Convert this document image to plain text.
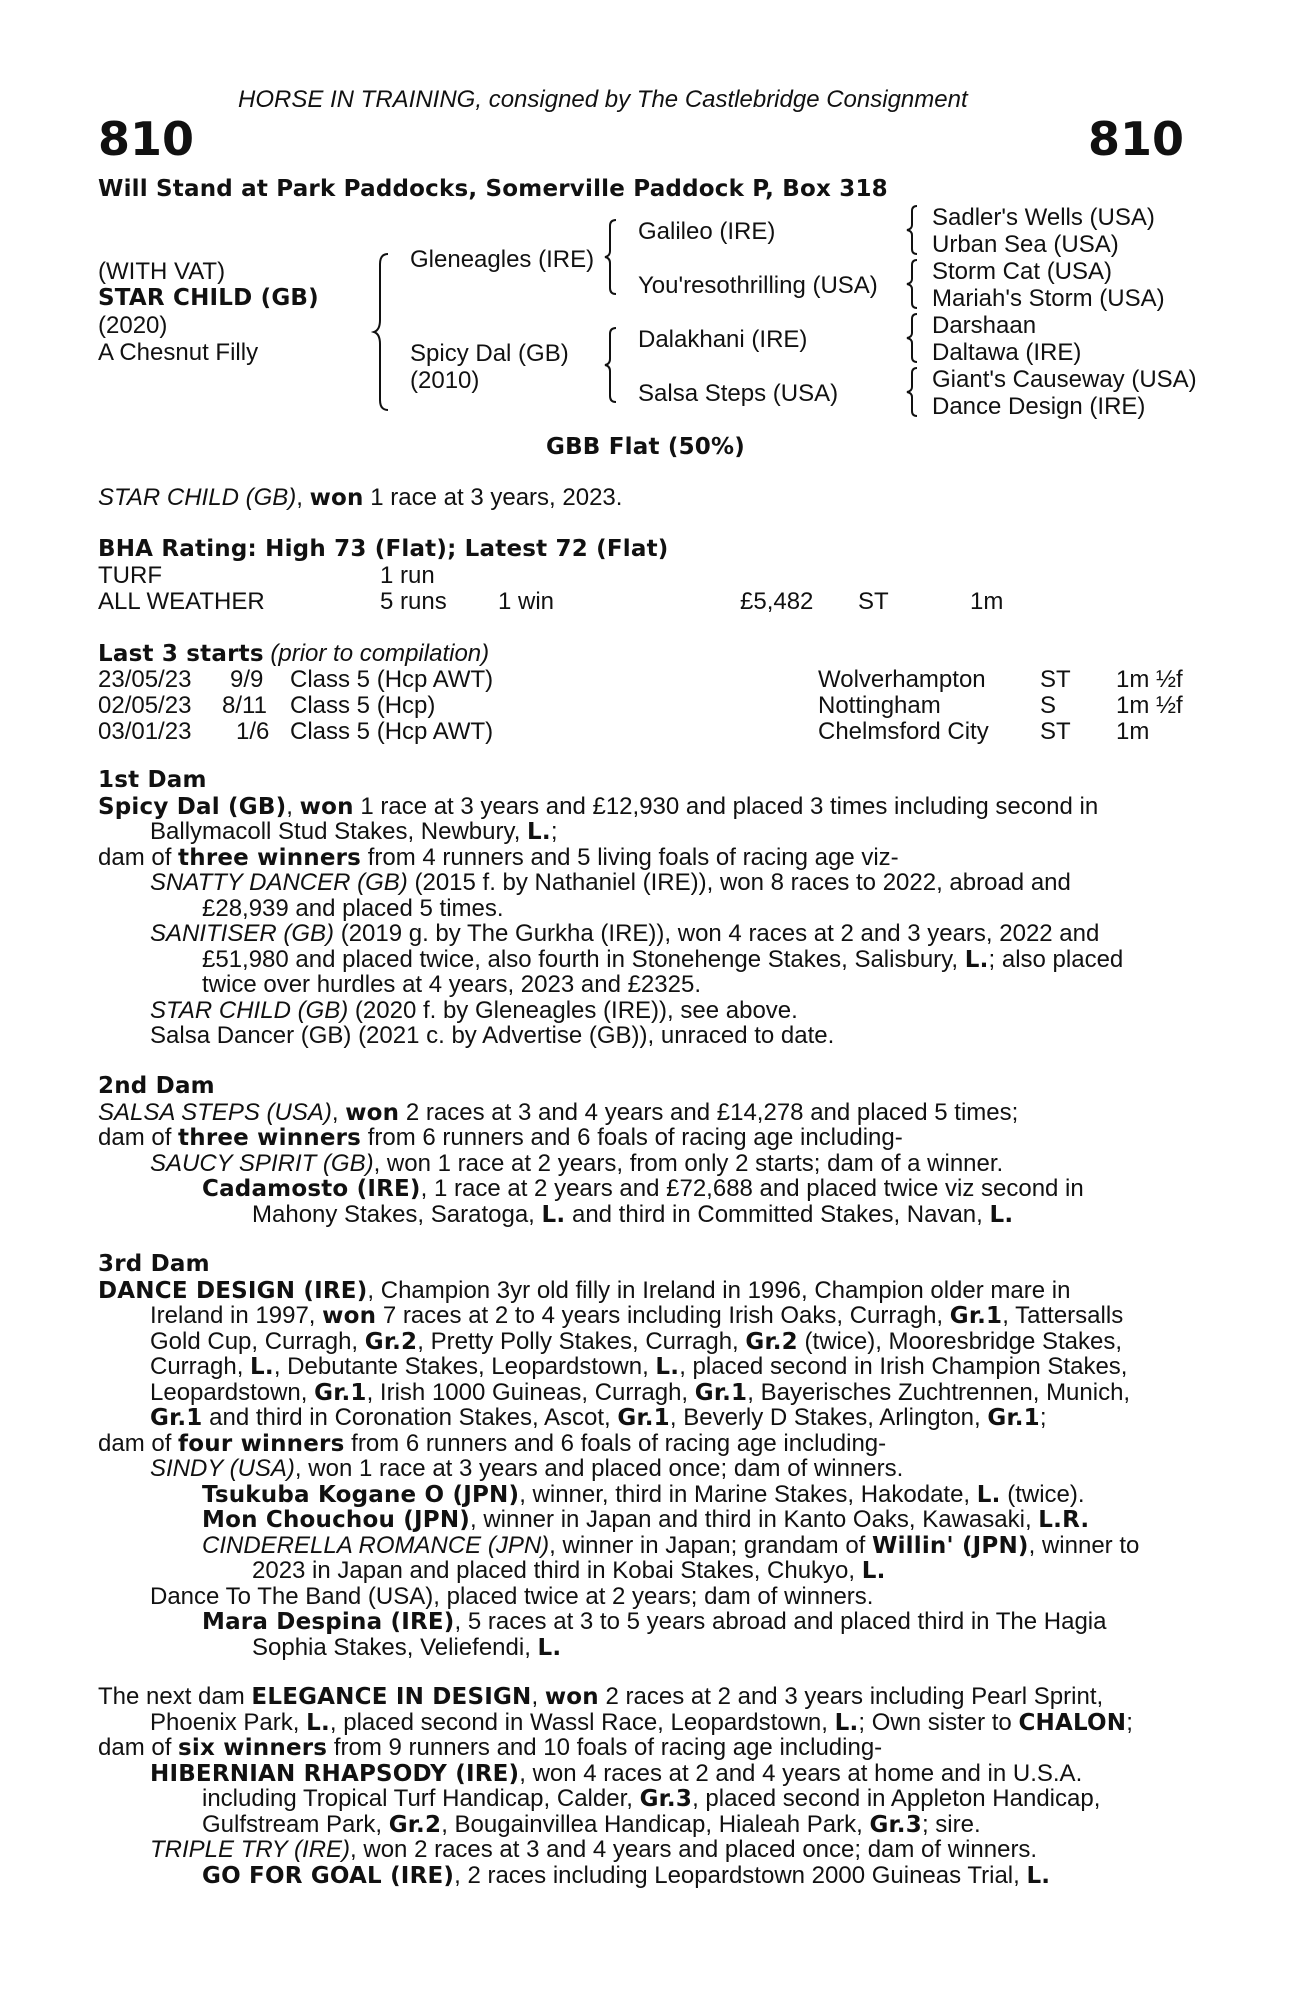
HORSE IN TRAINING, consigned by The Castlebridge Consignment
810	810
Will Stand at Park Paddocks, Somerville Paddock P, Box 318
(WITH VAT)
STAR CHILD (GB)
(2020)
A Chesnut Filly
Gleneagles (IRE)
Spicy Dal (GB)
(2010)
Galileo (IRE)
You'resothrilling (USA)
Dalakhani (IRE)
Salsa Steps (USA)
Sadler's Wells (USA)
Urban Sea (USA)
Storm Cat (USA)
Mariah's Storm (USA)
Darshaan
Daltawa (IRE)
Giant's Causeway (USA)
Dance Design (IRE)
GBB Flat (50%)
STAR CHILD (GB), won 1 race at 3 years, 2023.
BHA Rating: High 73 (Flat); Latest 72 (Flat)
TURF	1 run
ALL WEATHER	5 runs 1 win	£5,482 ST	1m
Last 3 starts (prior to compilation)
23/05/23 9/9 Class 5 (Hcp AWT)	Wolverhampton ST 1m ½f
02/05/23 8/11 Class 5 (Hcp)	Nottingham	S 1m ½f
03/01/23 1/6 Class 5 (Hcp AWT)	Chelmsford City ST 1m
1st Dam
Spicy Dal (GB), won 1 race at 3 years and £12,930 and placed 3 times including second in
Ballymacoll Stud Stakes, Newbury, L.;
dam of three winners from 4 runners and 5 living foals of racing age viz-
SNATTY DANCER (GB) (2015 f. by Nathaniel (IRE)), won 8 races to 2022, abroad and
£28,939 and placed 5 times.
SANITISER (GB) (2019 g. by The Gurkha (IRE)), won 4 races at 2 and 3 years, 2022 and
£51,980 and placed twice, also fourth in Stonehenge Stakes, Salisbury, L.; also placed
twice over hurdles at 4 years, 2023 and £2325.
STAR CHILD (GB) (2020 f. by Gleneagles (IRE)), see above.
Salsa Dancer (GB) (2021 c. by Advertise (GB)), unraced to date.
2nd Dam
SALSA STEPS (USA), won 2 races at 3 and 4 years and £14,278 and placed 5 times;
dam of three winners from 6 runners and 6 foals of racing age including-
SAUCY SPIRIT (GB), won 1 race at 2 years, from only 2 starts; dam of a winner.
Cadamosto (IRE), 1 race at 2 years and £72,688 and placed twice viz second in
Mahony Stakes, Saratoga, L. and third in Committed Stakes, Navan, L.
3rd Dam
DANCE DESIGN (IRE), Champion 3yr old filly in Ireland in 1996, Champion older mare in
Ireland in 1997, won 7 races at 2 to 4 years including Irish Oaks, Curragh, Gr.1, Tattersalls
Gold Cup, Curragh, Gr.2, Pretty Polly Stakes, Curragh, Gr.2 (twice), Mooresbridge Stakes,
Curragh, L., Debutante Stakes, Leopardstown, L., placed second in Irish Champion Stakes,
Leopardstown, Gr.1, Irish 1000 Guineas, Curragh, Gr.1, Bayerisches Zuchtrennen, Munich,
Gr.1 and third in Coronation Stakes, Ascot, Gr.1, Beverly D Stakes, Arlington, Gr.1;
dam of four winners from 6 runners and 6 foals of racing age including-
SINDY (USA), won 1 race at 3 years and placed once; dam of winners.
Tsukuba Kogane O (JPN), winner, third in Marine Stakes, Hakodate, L. (twice).
Mon Chouchou (JPN), winner in Japan and third in Kanto Oaks, Kawasaki, L.R.
CINDERELLA ROMANCE (JPN), winner in Japan; grandam of Willin' (JPN), winner to
2023 in Japan and placed third in Kobai Stakes, Chukyo, L.
Dance To The Band (USA), placed twice at 2 years; dam of winners.
Mara Despina (IRE), 5 races at 3 to 5 years abroad and placed third in The Hagia
Sophia Stakes, Veliefendi, L.
The next dam ELEGANCE IN DESIGN, won 2 races at 2 and 3 years including Pearl Sprint,
Phoenix Park, L., placed second in Wassl Race, Leopardstown, L.; Own sister to CHALON;
dam of six winners from 9 runners and 10 foals of racing age including-
HIBERNIAN RHAPSODY (IRE), won 4 races at 2 and 4 years at home and in U.S.A.
including Tropical Turf Handicap, Calder, Gr.3, placed second in Appleton Handicap,
Gulfstream Park, Gr.2, Bougainvillea Handicap, Hialeah Park, Gr.3; sire.
TRIPLE TRY (IRE), won 2 races at 3 and 4 years and placed once; dam of winners.
GO FOR GOAL (IRE), 2 races including Leopardstown 2000 Guineas Trial, L.
